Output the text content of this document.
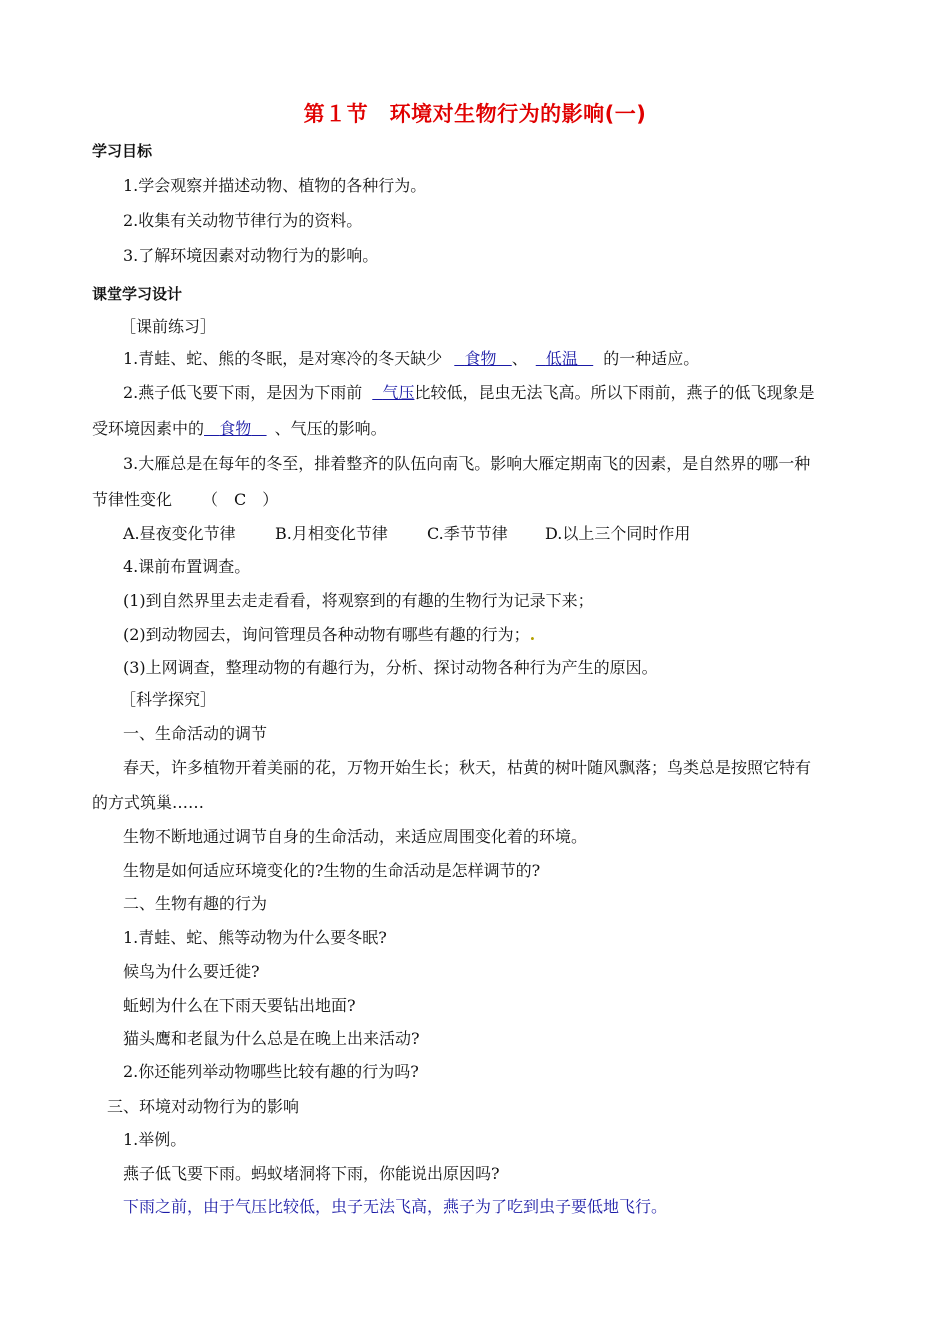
第１节　环境对生物行为的影响(一)
学习目标
1.学会观察并描述动物、植物的各种行为。
2.收集有关动物节律行为的资料。
3.了解环境因素对动物行为的影响。
课堂学习设计
［课前练习］
1.青蛙、蛇、熊的冬眠，是对寒冷的冬天缺少 食物 、 低温 的一种适应。
2.燕子低飞要下雨，是因为下雨前 气压比较低，昆虫无法飞高。所以下雨前，燕子的低飞现象是
受环境因素中的 食物 、气压的影响。
3.大雁总是在每年的冬至，排着整齐的队伍向南飞。影响大雁定期南飞的因素，是自然界的哪一种
节律性变化 （　C　）
A.昼夜变化节律 B.月相变化节律 C.季节节律 D.以上三个同时作用
4.课前布置调查。
(1)到自然界里去走走看看，将观察到的有趣的生物行为记录下来；
(2)到动物园去，询问管理员各种动物有哪些有趣的行为；.
(3)上网调查，整理动物的有趣行为，分析、探讨动物各种行为产生的原因。
［科学探究］
一、生命活动的调节
春天，许多植物开着美丽的花，万物开始生长；秋天，枯黄的树叶随风飘落；鸟类总是按照它特有
的方式筑巢……
生物不断地通过调节自身的生命活动，来适应周围变化着的环境。
生物是如何适应环境变化的?生物的生命活动是怎样调节的?
二、生物有趣的行为
1.青蛙、蛇、熊等动物为什么要冬眠?
候鸟为什么要迁徙?
蚯蚓为什么在下雨天要钻出地面?
猫头鹰和老鼠为什么总是在晚上出来活动?
2.你还能列举动物哪些比较有趣的行为吗?
三、环境对动物行为的影响
1.举例。
燕子低飞要下雨。蚂蚁堵洞将下雨，你能说出原因吗?
下雨之前，由于气压比较低，虫子无法飞高，燕子为了吃到虫子要低地飞行。
